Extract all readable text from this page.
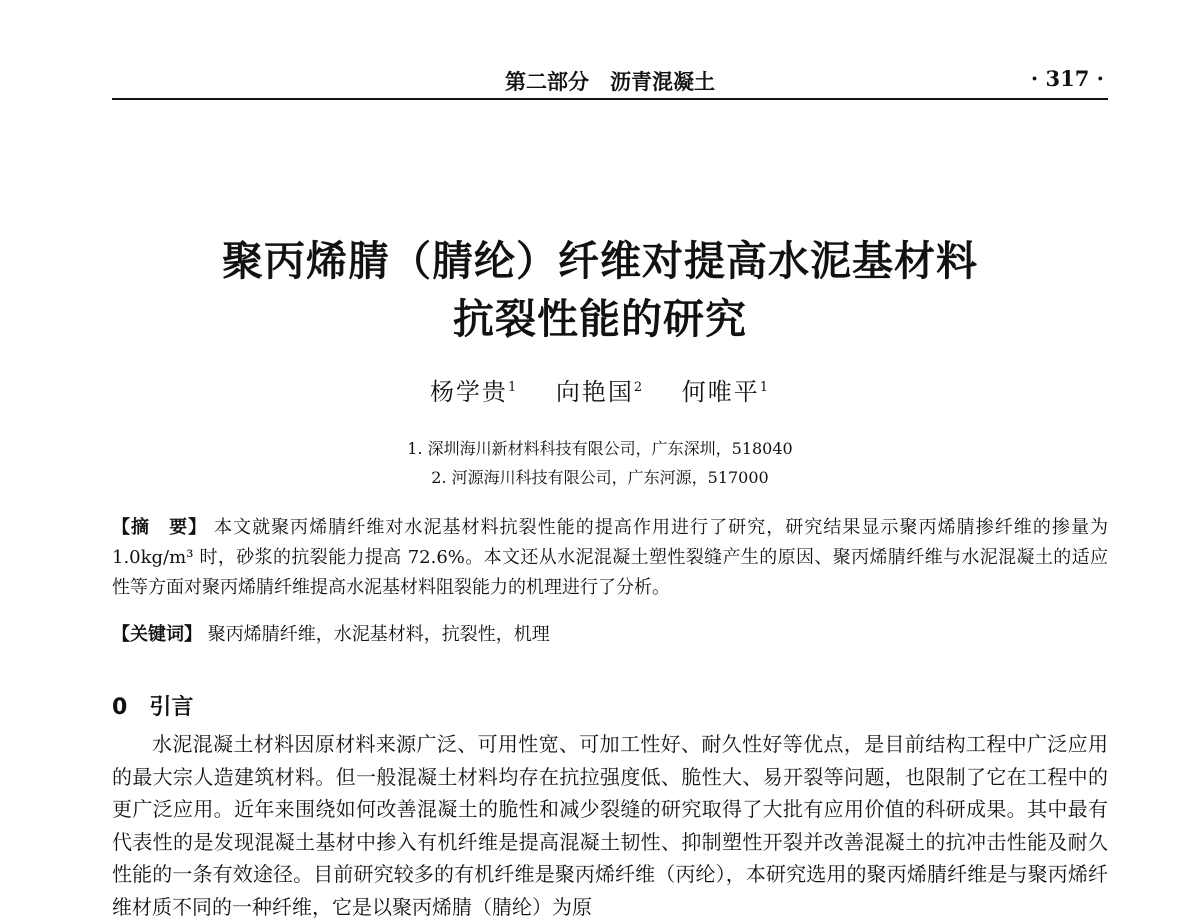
第二部分　沥青混凝土	· 317 ·
聚丙烯腈（腈纶）纤维对提高水泥基材料
抗裂性能的研究
杨学贵$^1$ 向艳国$^2$ 何唯平$^1$
1. 深圳海川新材料科技有限公司，广东深圳，518040
2. 河源海川科技有限公司，广东河源，517000
【摘　要】 本文就聚丙烯腈纤维对水泥基材料抗裂性能的提高作用进行了研究，研究结果显示聚丙烯腈掺纤维的掺量为 1.0kg/m³ 时，砂浆的抗裂能力提高 72.6%。本文还从水泥混凝土塑性裂缝产生的原因、聚丙烯腈纤维与水泥混凝土的适应性等方面对聚丙烯腈纤维提高水泥基材料阻裂能力的机理进行了分析。
【关键词】 聚丙烯腈纤维，水泥基材料，抗裂性，机理
0 引言
水泥混凝土材料因原材料来源广泛、可用性宽、可加工性好、耐久性好等优点，是目前结构工程中广泛应用的最大宗人造建筑材料。但一般混凝土材料均存在抗拉强度低、脆性大、易开裂等问题，也限制了它在工程中的更广泛应用。近年来围绕如何改善混凝土的脆性和减少裂缝的研究取得了大批有应用价值的科研成果。其中最有代表性的是发现混凝土基材中掺入有机纤维是提高混凝土韧性、抑制塑性开裂并改善混凝土的抗冲击性能及耐久性能的一条有效途径。目前研究较多的有机纤维是聚丙烯纤维（丙纶），本研究选用的聚丙烯腈纤维是与聚丙烯纤维材质不同的一种纤维，它是以聚丙烯腈（腈纶）为原
